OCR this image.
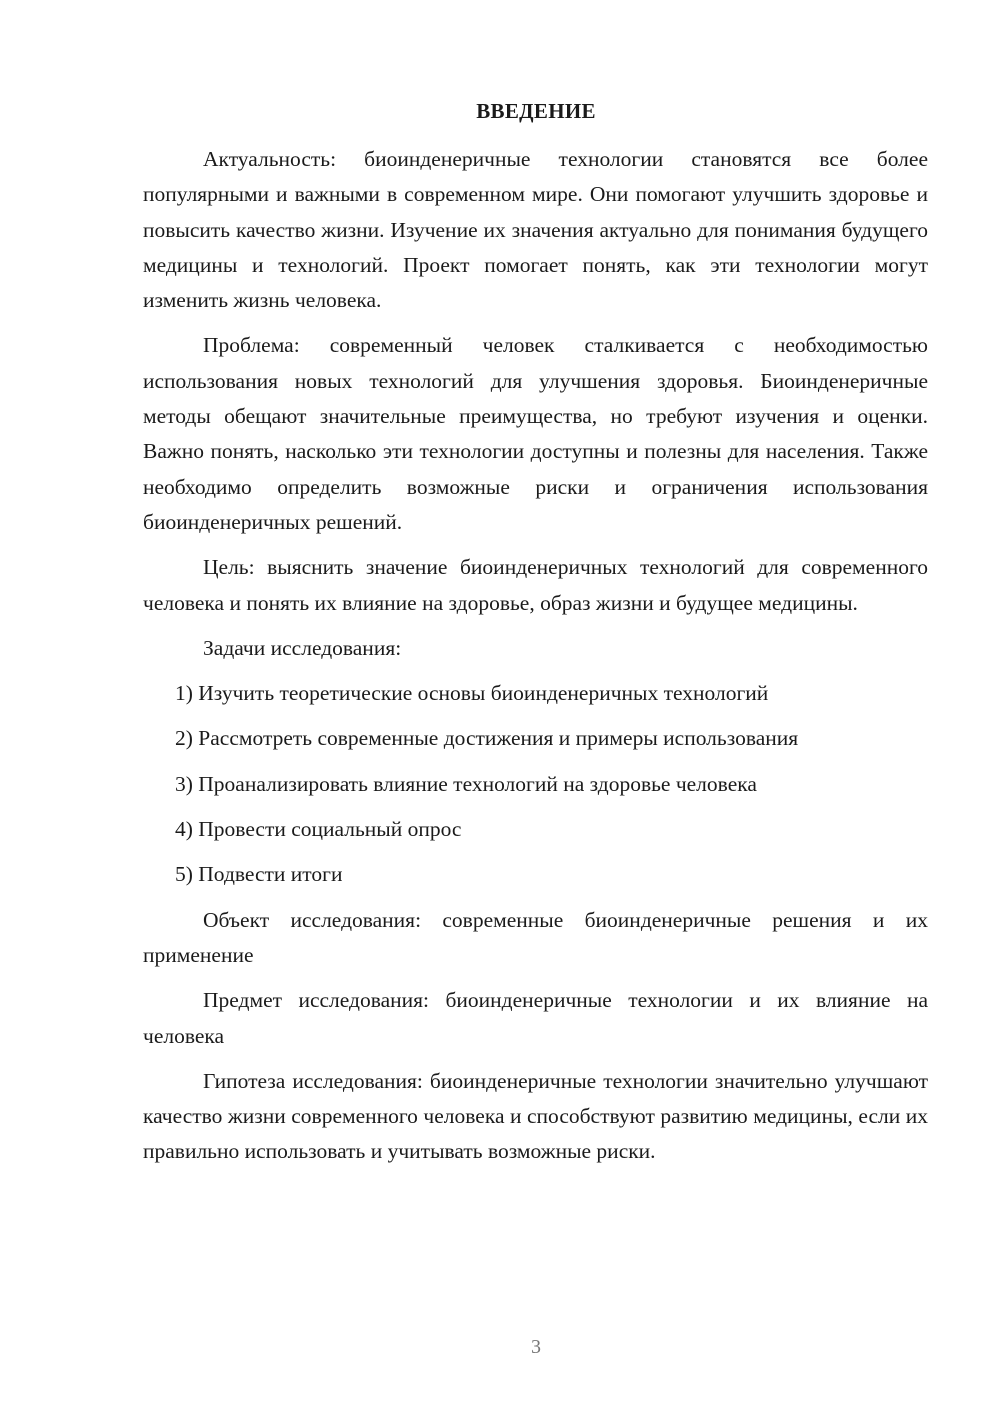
ВВЕДЕНИЕ

Актуальность: биоинденеричные технологии становятся все более популярными и важными в современном мире. Они помогают улучшить здоровье и повысить качество жизни. Изучение их значения актуально для понимания будущего медицины и технологий. Проект помогает понять, как эти технологии могут изменить жизнь человека.

Проблема: современный человек сталкивается с необходимостью использования новых технологий для улучшения здоровья. Биоинденеричные методы обещают значительные преимущества, но требуют изучения и оценки. Важно понять, насколько эти технологии доступны и полезны для населения. Также необходимо определить возможные риски и ограничения использования биоинденеричных решений.

Цель: выяснить значение биоинденеричных технологий для современного человека и понять их влияние на здоровье, образ жизни и будущее медицины.

Задачи исследования:

1) Изучить теоретические основы биоинденеричных технологий

2) Рассмотреть современные достижения и примеры использования

3) Проанализировать влияние технологий на здоровье человека

4) Провести социальный опрос

5) Подвести итоги

Объект исследования: современные биоинденеричные решения и их применение

Предмет исследования: биоинденеричные технологии и их влияние на человека

Гипотеза исследования: биоинденеричные технологии значительно улучшают качество жизни современного человека и способствуют развитию медицины, если их правильно использовать и учитывать возможные риски.

3
